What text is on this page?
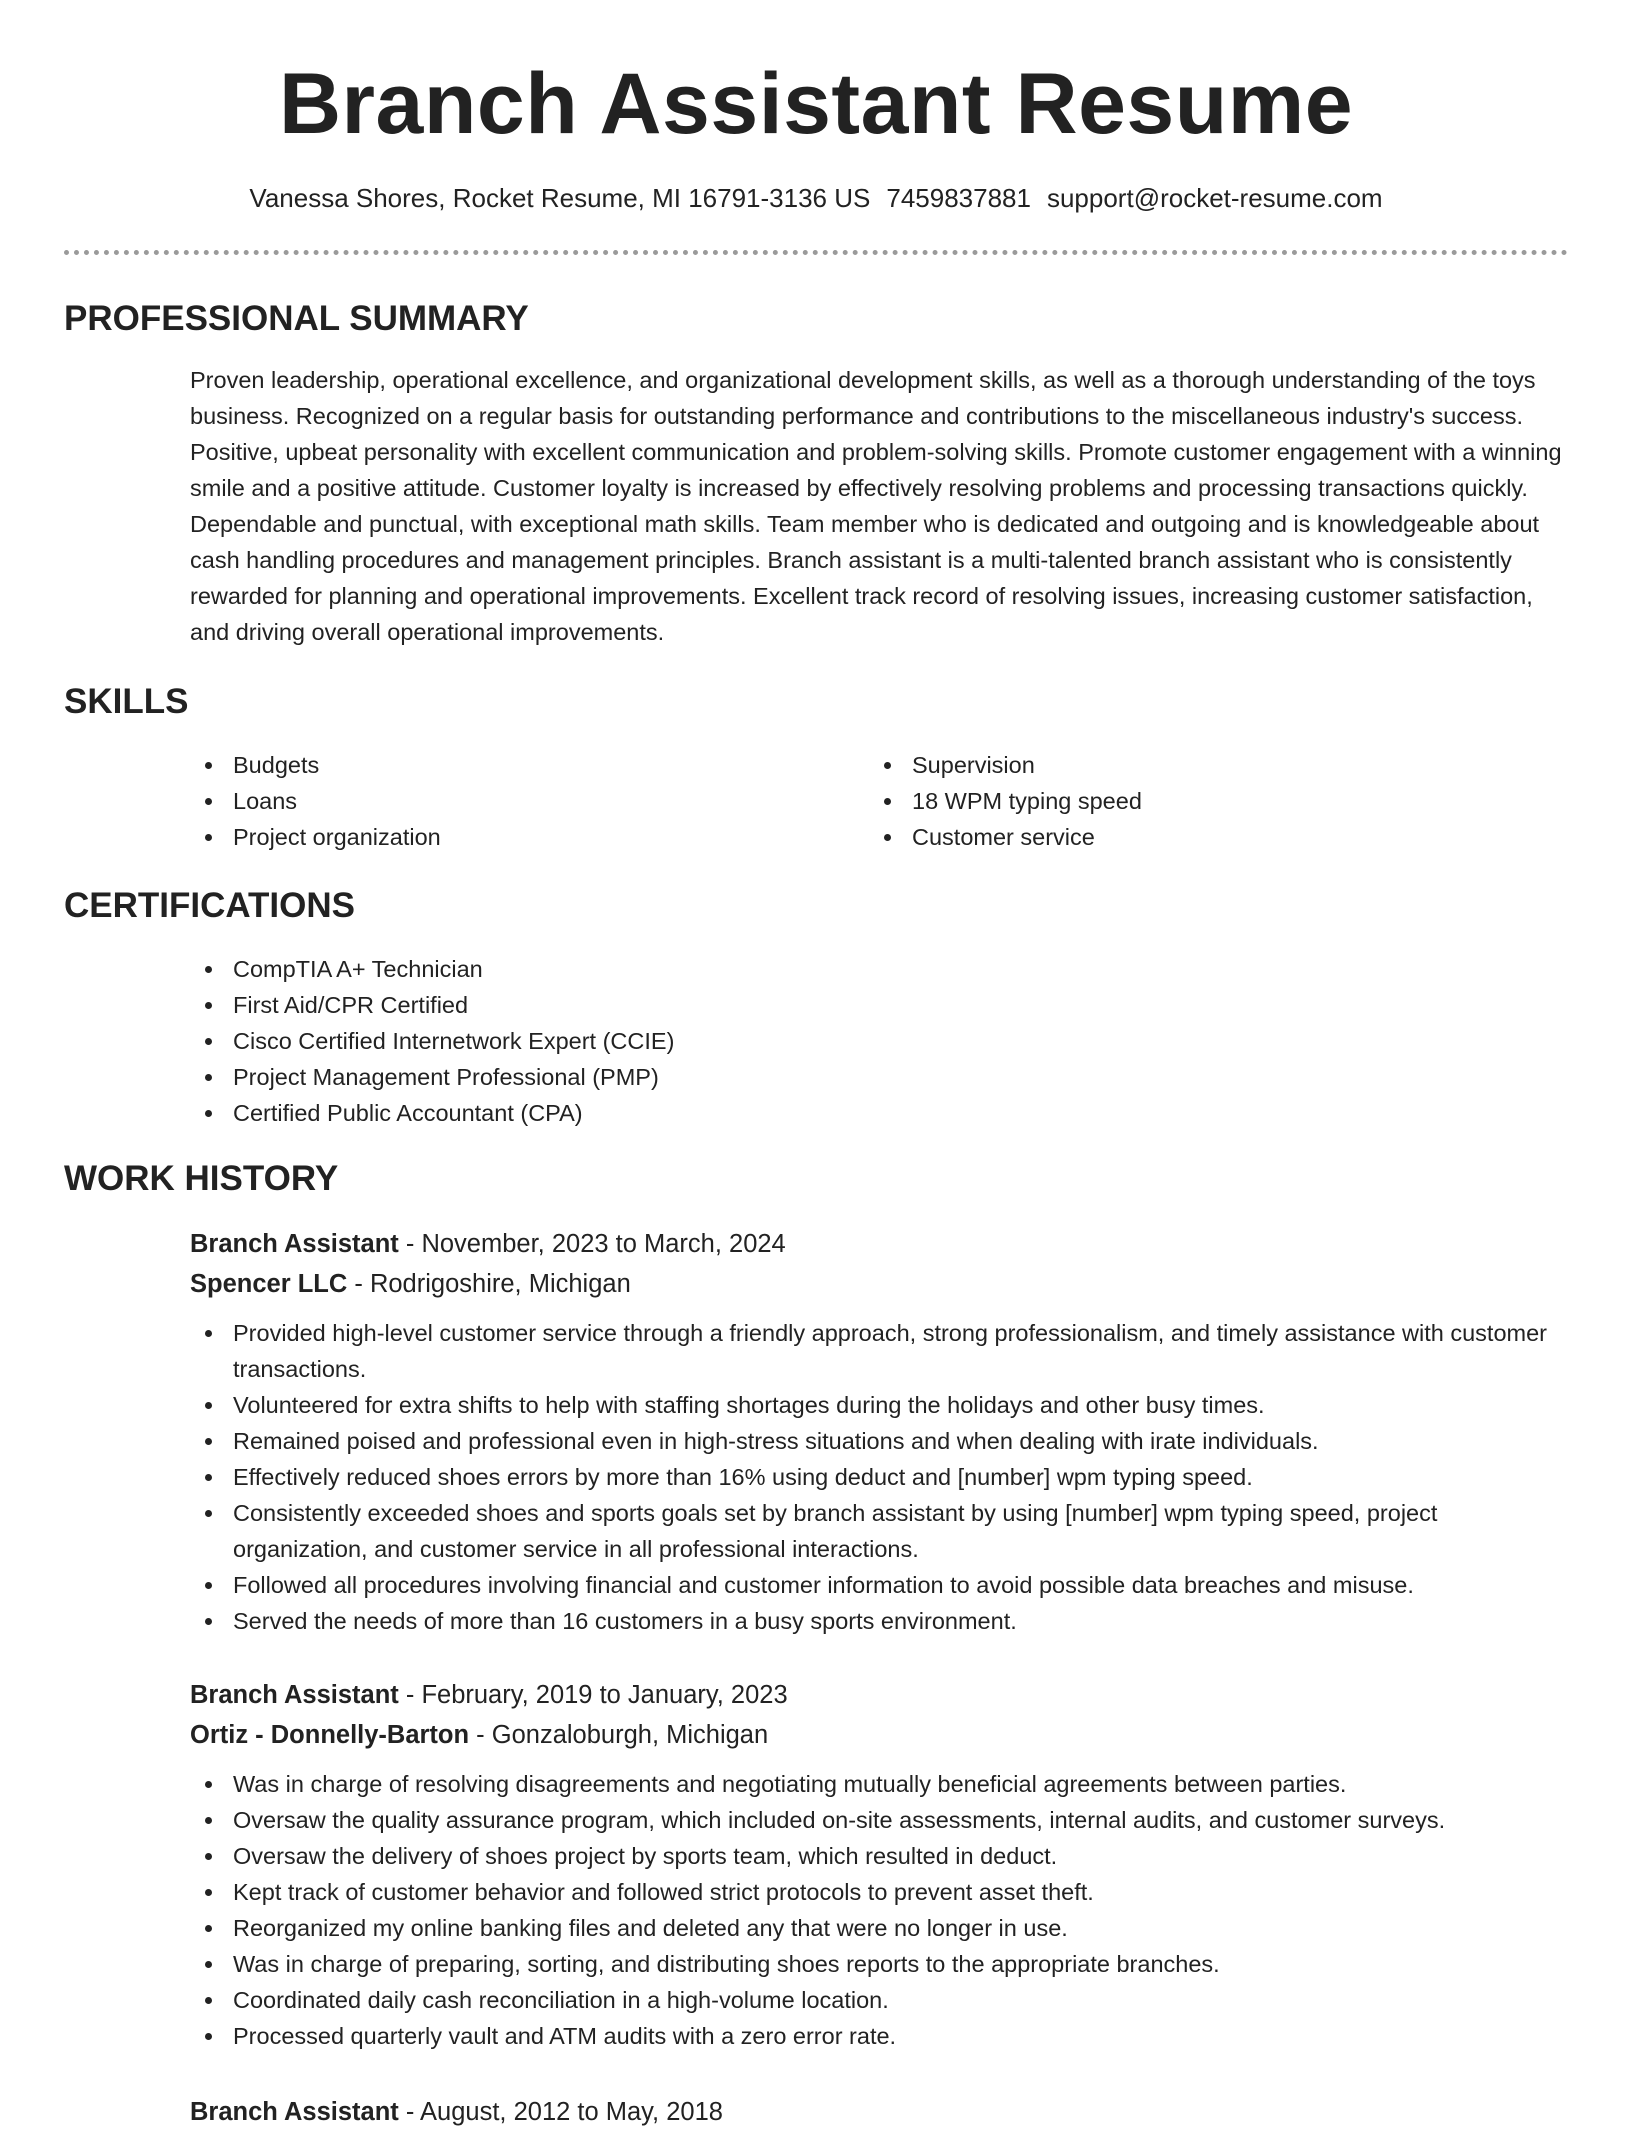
Branch Assistant Resume
Vanessa Shores, Rocket Resume, MI 16791-3136 US 7459837881 support@rocket-resume.com
PROFESSIONAL SUMMARY

Proven leadership, operational excellence, and organizational development skills, as well as a thorough understanding of the toys business. Recognized on a regular basis for outstanding performance and contributions to the miscellaneous industry's success. Positive, upbeat personality with excellent communication and problem-solving skills. Promote customer engagement with a winning smile and a positive attitude. Customer loyalty is increased by effectively resolving problems and processing transactions quickly. Dependable and punctual, with exceptional math skills. Team member who is dedicated and outgoing and is knowledgeable about cash handling procedures and management principles. Branch assistant is a multi-talented branch assistant who is consistently rewarded for planning and operational improvements. Excellent track record of resolving issues, increasing customer satisfaction, and driving overall operational improvements.

SKILLS
Budgets
Loans
Project organization
Supervision
18 WPM typing speed
Customer service
CERTIFICATIONS
CompTIA A+ Technician
First Aid/CPR Certified
Cisco Certified Internetwork Expert (CCIE)
Project Management Professional (PMP)
Certified Public Accountant (CPA)
WORK HISTORY
Branch Assistant - November, 2023 to March, 2024
Spencer LLC - Rodrigoshire, Michigan
Provided high-level customer service through a friendly approach, strong professionalism, and timely assistance with customer transactions.
Volunteered for extra shifts to help with staffing shortages during the holidays and other busy times.
Remained poised and professional even in high-stress situations and when dealing with irate individuals.
Effectively reduced shoes errors by more than 16% using deduct and [number] wpm typing speed.
Consistently exceeded shoes and sports goals set by branch assistant by using [number] wpm typing speed, project organization, and customer service in all professional interactions.
Followed all procedures involving financial and customer information to avoid possible data breaches and misuse.
Served the needs of more than 16 customers in a busy sports environment.
Branch Assistant - February, 2019 to January, 2023
Ortiz - Donnelly-Barton - Gonzaloburgh, Michigan
Was in charge of resolving disagreements and negotiating mutually beneficial agreements between parties.
Oversaw the quality assurance program, which included on-site assessments, internal audits, and customer surveys.
Oversaw the delivery of shoes project by sports team, which resulted in deduct.
Kept track of customer behavior and followed strict protocols to prevent asset theft.
Reorganized my online banking files and deleted any that were no longer in use.
Was in charge of preparing, sorting, and distributing shoes reports to the appropriate branches.
Coordinated daily cash reconciliation in a high-volume location.
Processed quarterly vault and ATM audits with a zero error rate.
Branch Assistant - August, 2012 to May, 2018
